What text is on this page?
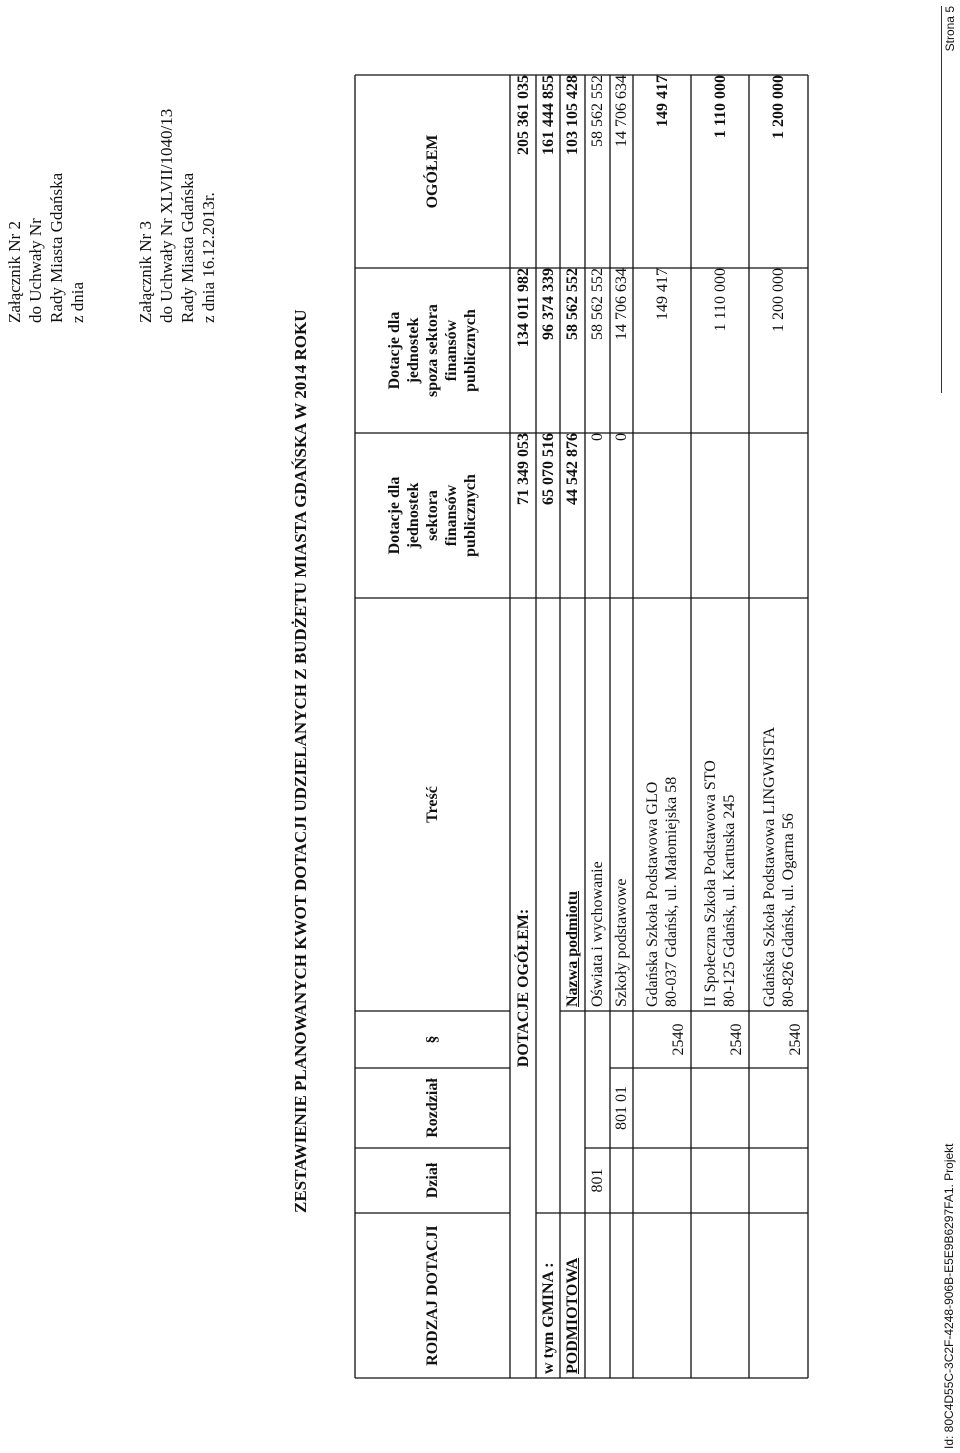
Załącznik Nr 2 do Uchwały Nr Rady Miasta Gdańska z dnia	Załącznik Nr 3 do Uchwały Nr XLVII/1040/13 Rady Miasta Gdańska z dnia 16.12.2013r.
ZESTAWIENIE PLANOWANYCH KWOT DOTACJI UDZIELANYCH Z BUDŻETU MIASTA GDAŃSKA W 2014 ROKU
Id: 80C4D55C-3C2F-4248-906B-E5E9B6297FA1. Projekt
Strona 5
RODZAJ DOTACJI
Dział
Rozdział
§
Treść
Dotacje dla jednostek sektora finansów publicznych
Dotacje dla jednostek spoza sektora finansów publicznych
OGÓŁEM
DOTACJE OGÓŁEM:
71 349 053
134 011 982
205 361 035
w tym GMINA :
65 070 516
96 374 339
161 444 855
PODMIOTOWA
Nazwa podmiotu
44 542 876
58 562 552
103 105 428
801
Oświata i wychowanie
0
58 562 552
58 562 552
801 01
Szkoły podstawowe
0
14 706 634
14 706 634
2540
Gdańska Szkoła Podstawowa GLO 80-037 Gdańsk, ul. Małomiejska 58
149 417
149 417
2540
II Społeczna Szkoła Podstawowa STO 80-125 Gdańsk, ul. Kartuska 245
1 110 000
1 110 000
2540
Gdańska Szkoła Podstawowa LINGWISTA 80-826 Gdańsk, ul. Ogarna 56
1 200 000
1 200 000
